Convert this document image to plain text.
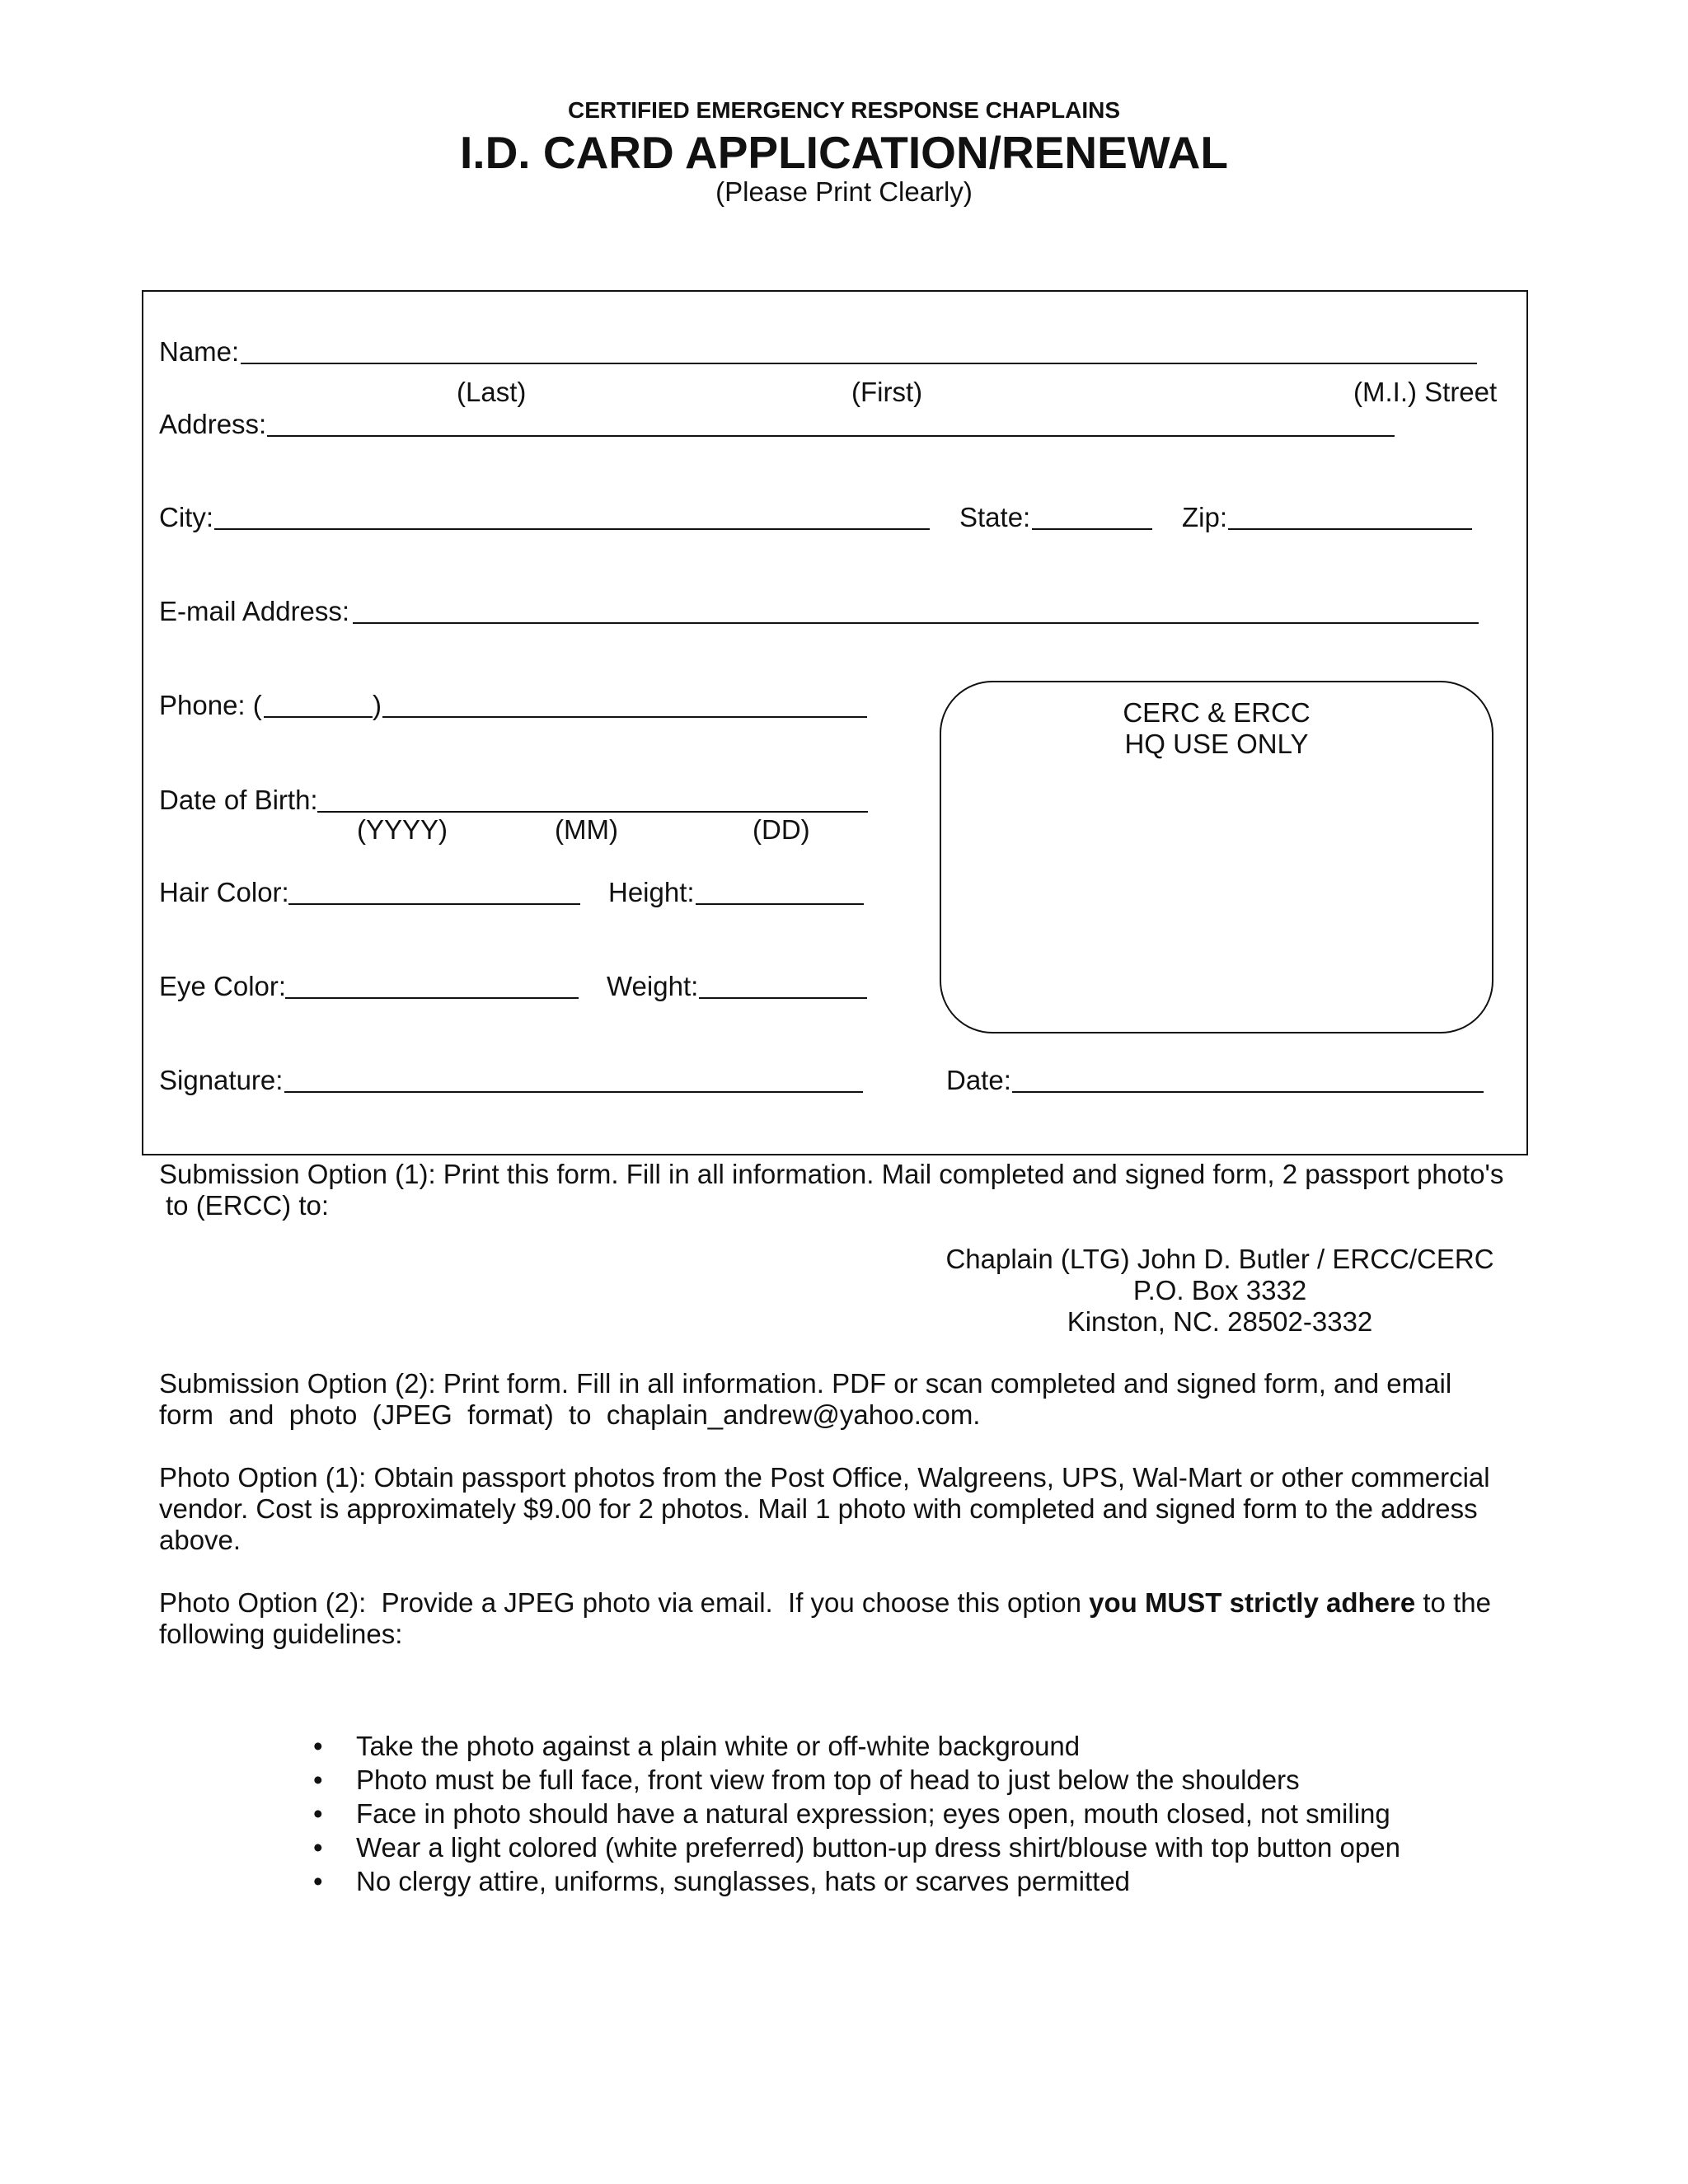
CERTIFIED EMERGENCY RESPONSE CHAPLAINS
I.D. CARD APPLICATION/RENEWAL
(Please Print Clearly)
Name:
(Last)	(First)	(M.I.) Street
Address:
City:	State:	Zip:
E-mail Address:
Phone: (	)	CERC & ERCC
HQ USE ONLY
Date of Birth:
(YYYY)	(MM)	(DD)
Hair Color:	Height:
Eye Color:	Weight:
Signature:	Date:
Submission Option (1): Print this form. Fill in all information. Mail completed and signed form, 2 passport photo's
to (ERCC) to:
Chaplain (LTG) John D. Butler / ERCC/CERC
P.O. Box 3332
Kinston, NC. 28502-3332
Submission Option (2): Print form. Fill in all information. PDF or scan completed and signed form, and email
form  and  photo  (JPEG  format)  to  chaplain_andrew@yahoo.com.
Photo Option (1): Obtain passport photos from the Post Office, Walgreens, UPS, Wal-Mart or other commercial
vendor. Cost is approximately $9.00 for 2 photos. Mail 1 photo with completed and signed form to the address
above.
Photo Option (2):  Provide a JPEG photo via email.  If you choose this option you MUST strictly adhere to the
following guidelines:
• Take the photo against a plain white or off-white background
• Photo must be full face, front view from top of head to just below the shoulders
• Face in photo should have a natural expression; eyes open, mouth closed, not smiling
• Wear a light colored (white preferred) button-up dress shirt/blouse with top button open
• No clergy attire, uniforms, sunglasses, hats or scarves permitted
